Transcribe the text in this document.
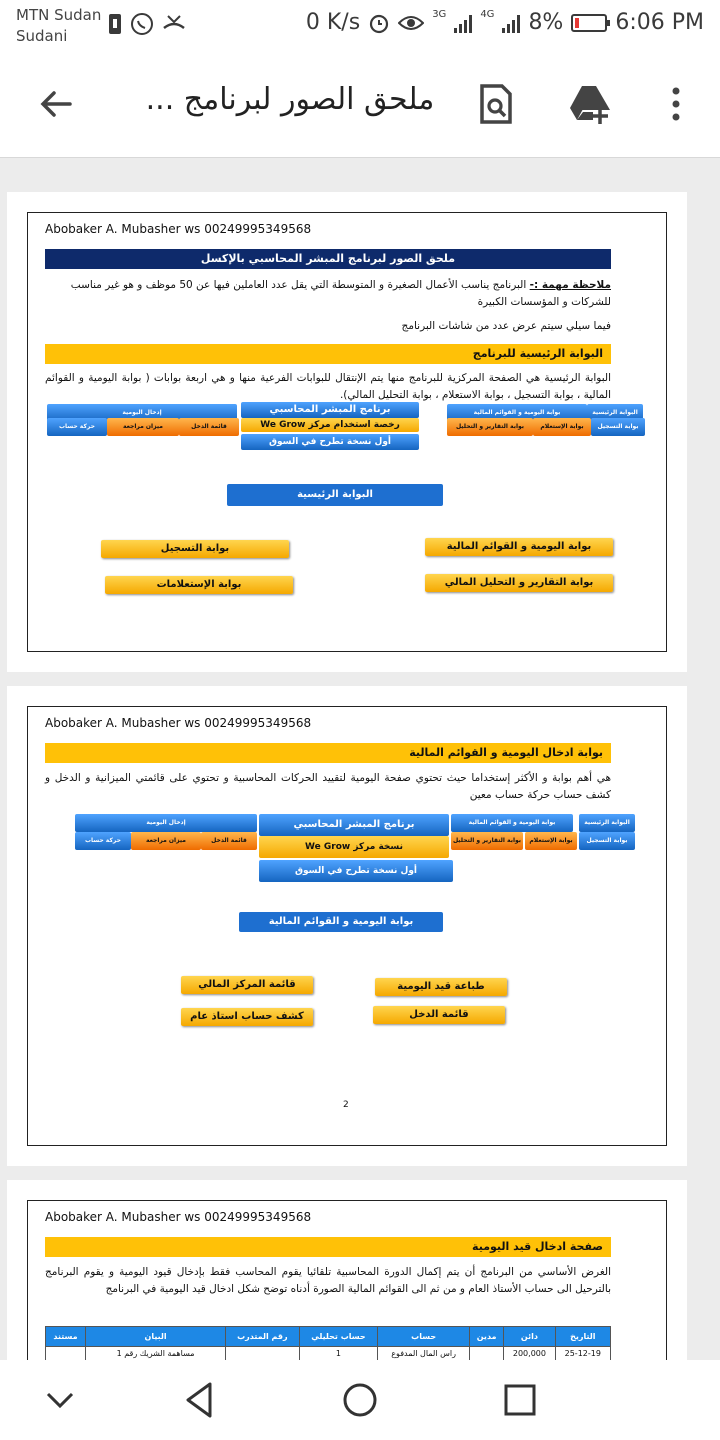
MTN Sudan
Sudani
0 K/s	3G	4G 8% 6:06 PM
ملحق الصور لبرنامج ...
Abobaker A. Mubasher ws 00249995349568
ملحق الصور لبرنامج المبشر المحاسبي بالإكسل
ملاحظة مهمة :- البرنامج يناسب الأعمال الصغيرة و المتوسطة التي يقل عدد العاملين فيها عن 50 موظف و هو غير مناسب للشركات و المؤسسات الكبيرة
فيما سيلي سيتم عرض عدد من شاشات البرنامج
البوابة الرئيسية للبرنامج
البوابة الرئيسية هي الصفحة المركزية للبرنامج منها يتم الإنتقال للبوابات الفرعية منها و هي اربعة بوابات ( بوابة اليومية و القوائم المالية ، بوابة التسجيل ، بوابة الاستعلام ، بوابة التحليل المالي).
إدخال اليومية
حركة حساب	ميزان مراجعة	قائمة الدخل
برنامج المبشر المحاسبي
رخصة استخدام مركز We Grow
أول نسخة تطرح في السوق
بوابة اليومية و القوائم المالية	البوابة الرئيسية
بوابة التقارير و التحليل	بوابة الإستعلام	بوابة التسجيل
البوابة الرئيسية
بوابة التسجيل	بوابة اليومية و القوائم المالية
بوابة الإستعلامات	بوابة التقارير و التحليل المالي
Abobaker A. Mubasher ws 00249995349568
بوابة ادخال اليومية و القوائم المالية
هي أهم بوابة و الأكثر إستخداما حيث تحتوي صفحة اليومية لتقييد الحركات المحاسبية و تحتوي على قائمتي الميزانية و الدخل و كشف حساب حركة حساب معين
إدخال اليومية
حركة حساب	ميزان مراجعة	قائمة الدخل
برنامج المبشر المحاسبي
نسخة مركز We Grow
أول نسخة تطرح في السوق
بوابة اليومية و القوائم المالية	البوابة الرئيسية
بوابة التقارير و التحليل	بوابة الإستعلام	بوابة التسجيل
بوابة اليومية و القوائم المالية
قائمة المركز المالي	طباعة قيد اليومية
كشف حساب استاذ عام	قائمة الدخل
2
Abobaker A. Mubasher ws 00249995349568
صفحة ادخال قيد اليومية
الغرض الأساسي من البرنامج أن يتم إكمال الدورة المحاسبية تلقائيا يقوم المحاسب فقط بإدخال قيود اليومية و يقوم البرنامج بالترحيل الى حساب الأستاذ العام و من ثم الى القوائم المالية الصورة أدناه توضح شكل ادخال قيد اليومية في البرنامج
التاريخ	دائن	مدين	حساب	حساب تحليلي	رقم المتدرب	البيان	مستند
25-12-19	200,000		راس المال المدفوع	1		مساهمة الشريك رقم 1	
